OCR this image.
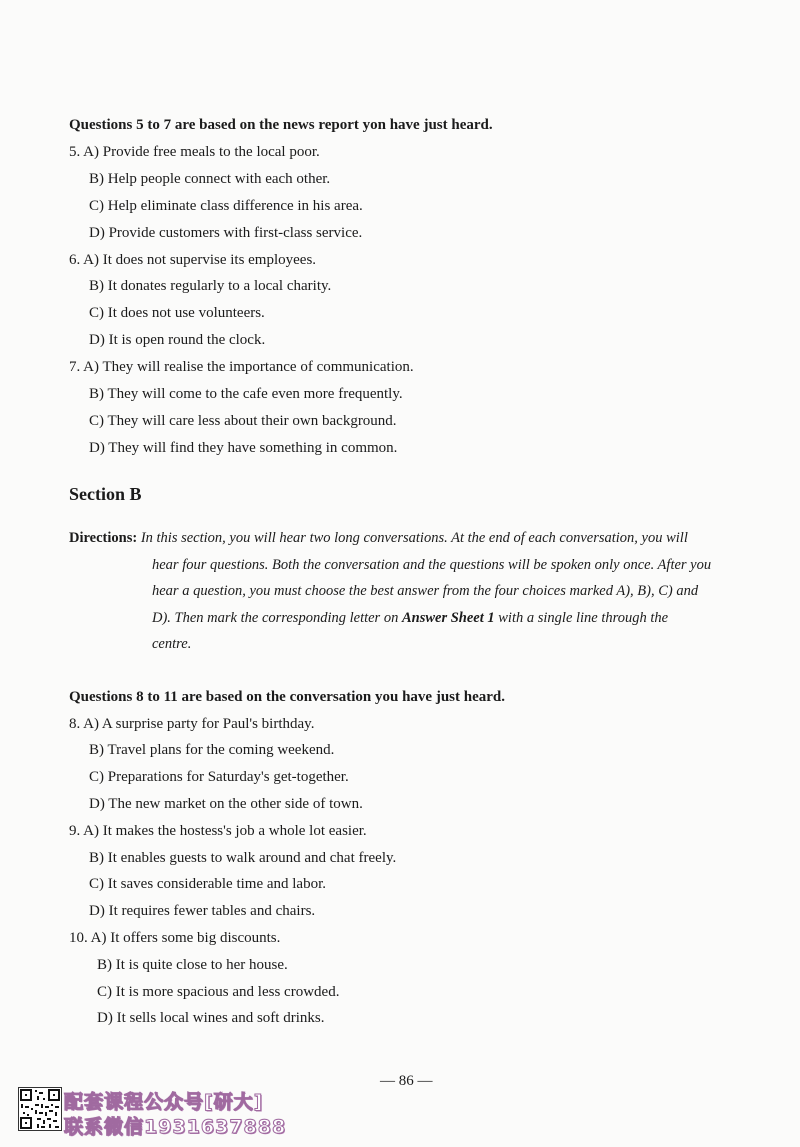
Questions 5 to 7 are based on the news report yon have just heard.
5. A) Provide free meals to the local poor.
B) Help people connect with each other.
C) Help eliminate class difference in his area.
D) Provide customers with first-class service.
6. A) It does not supervise its employees.
B) It donates regularly to a local charity.
C) It does not use volunteers.
D) It is open round the clock.
7. A) They will realise the importance of communication.
B) They will come to the cafe even more frequently.
C) They will care less about their own background.
D) They will find they have something in common.
Section B
Directions: In this section, you will hear two long conversations. At the end of each conversation, you will
hear four questions. Both the conversation and the questions will be spoken only once. After you
hear a question, you must choose the best answer from the four choices marked A), B), C) and
D). Then mark the corresponding letter on Answer Sheet 1 with a single line through the
centre.
Questions 8 to 11 are based on the conversation you have just heard.
8. A) A surprise party for Paul's birthday.
B) Travel plans for the coming weekend.
C) Preparations for Saturday's get-together.
D) The new market on the other side of town.
9. A) It makes the hostess's job a whole lot easier.
B) It enables guests to walk around and chat freely.
C) It saves considerable time and labor.
D) It requires fewer tables and chairs.
10. A) It offers some big discounts.
B) It is quite close to her house.
C) It is more spacious and less crowded.
D) It sells local wines and soft drinks.
— 86 —
配套课程公众号[研大]
联系微信1931637888
